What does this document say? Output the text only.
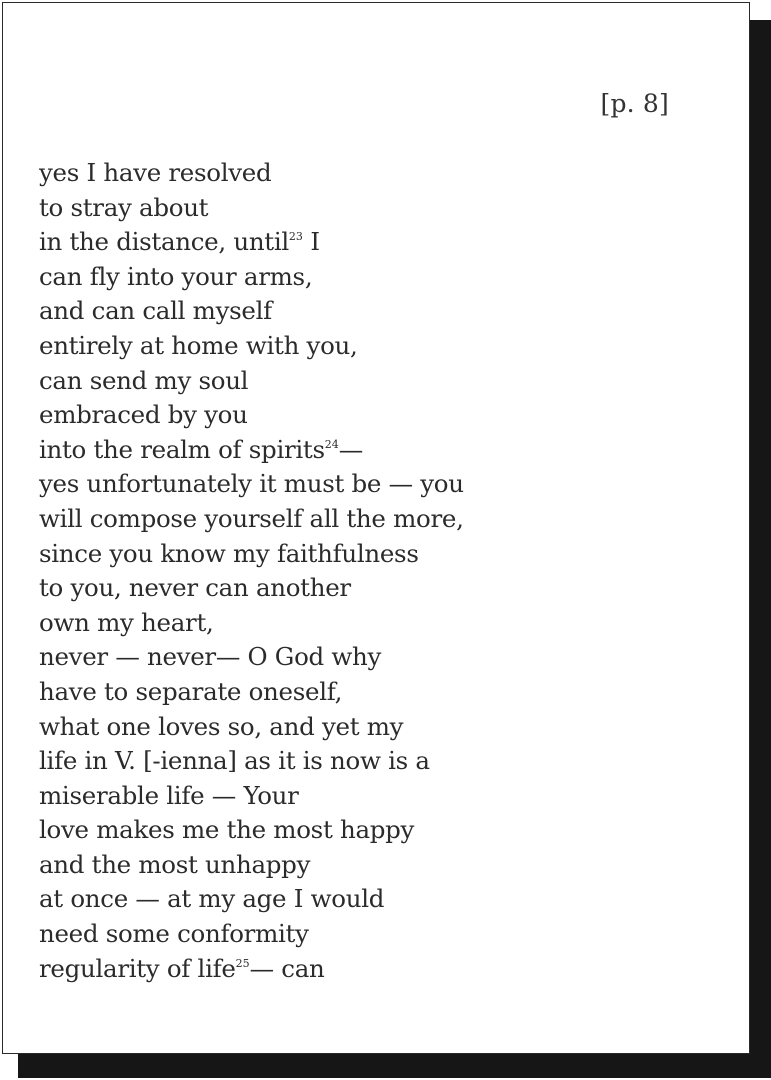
[p. 8]
yes I have resolved
to stray about
in the distance, until$^{23}$ I
can fly into your arms,
and can call myself
entirely at home with you,
can send my soul
embraced by you
into the realm of spirits$^{24}$—
yes unfortunately it must be — you
will compose yourself all the more,
since you know my faithfulness
to you, never can another
own my heart,
never — never— O God why
have to separate oneself,
what one loves so, and yet my
life in V. [-ienna] as it is now is a
miserable life — Your
love makes me the most happy
and the most unhappy
at once — at my age I would
need some conformity
regularity of life$^{25}$— can
